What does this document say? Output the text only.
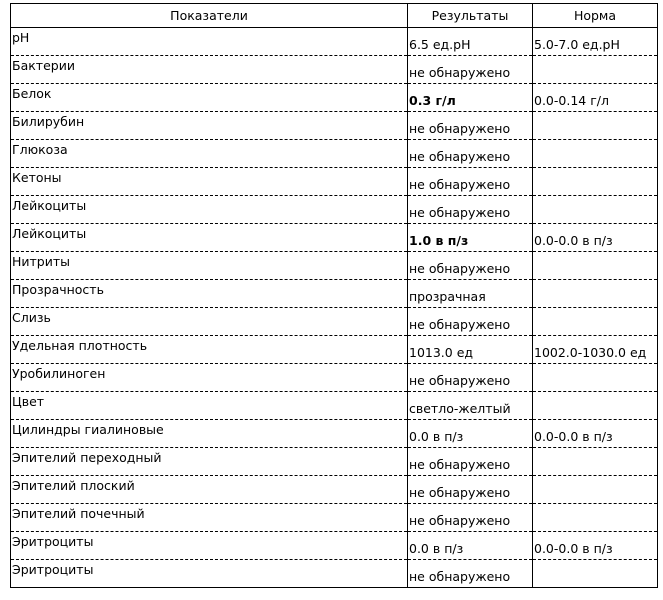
Показатели	Результаты	Норма
pH	6.5 ед.pH	5.0-7.0 ед.pH
Бактерии	не обнаружено	
Белок	0.3 г/л	0.0-0.14 г/л
Билирубин	не обнаружено	
Глюкоза	не обнаружено	
Кетоны	не обнаружено	
Лейкоциты	не обнаружено	
Лейкоциты	1.0 в п/з	0.0-0.0 в п/з
Нитриты	не обнаружено	
Прозрачность	прозрачная	
Слизь	не обнаружено	
Удельная плотность	1013.0 ед	1002.0-1030.0 ед
Уробилиноген	не обнаружено	
Цвет	светло-желтый	
Цилиндры гиалиновые	0.0 в п/з	0.0-0.0 в п/з
Эпителий переходный	не обнаружено	
Эпителий плоский	не обнаружено	
Эпителий почечный	не обнаружено	
Эритроциты	0.0 в п/з	0.0-0.0 в п/з
Эритроциты	не обнаружено	
